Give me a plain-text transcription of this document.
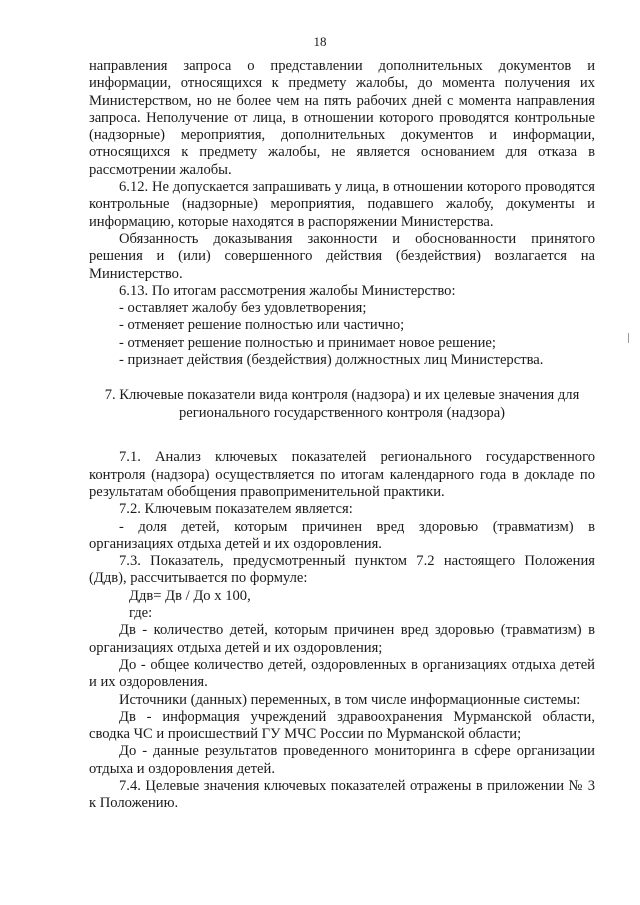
18

направления запроса о представлении дополнительных документов и информации, относящихся к предмету жалобы, до момента получения их Министерством, но не более чем на пять рабочих дней с момента направления запроса. Неполучение от лица, в отношении которого проводятся контрольные (надзорные) мероприятия, дополнительных документов и информации, относящихся к предмету жалобы, не является основанием для отказа в рассмотрении жалобы.

6.12. Не допускается запрашивать у лица, в отношении которого проводятся контрольные (надзорные) мероприятия, подавшего жалобу, документы и информацию, которые находятся в распоряжении Министерства.

Обязанность доказывания законности и обоснованности принятого решения и (или) совершенного действия (бездействия) возлагается на Министерство.

6.13. По итогам рассмотрения жалобы Министерство:

- оставляет жалобу без удовлетворения;

- отменяет решение полностью или частично;

- отменяет решение полностью и принимает новое решение;

- признает действия (бездействия) должностных лиц Министерства.

7. Ключевые показатели вида контроля (надзора) и их целевые значения для регионального государственного контроля (надзора)

7.1. Анализ ключевых показателей регионального государственного контроля (надзора) осуществляется по итогам календарного года в докладе по результатам обобщения правоприменительной практики.

7.2. Ключевым показателем является:

- доля детей, которым причинен вред здоровью (травматизм) в организациях отдыха детей и их оздоровления.

7.3. Показатель, предусмотренный пунктом 7.2 настоящего Положения (Ддв), рассчитывается по формуле:

Ддв= Дв / До х 100,

где:

Дв - количество детей, которым причинен вред здоровью (травматизм) в организациях отдыха детей и их оздоровления;

До - общее количество детей, оздоровленных в организациях отдыха детей и их оздоровления.

Источники (данных) переменных, в том числе информационные системы:

Дв - информация учреждений здравоохранения Мурманской области, сводка ЧС и происшествий ГУ МЧС России по Мурманской области;

До - данные результатов проведенного мониторинга в сфере организации отдыха и оздоровления детей.

7.4. Целевые значения ключевых показателей отражены в приложении № 3 к Положению.
